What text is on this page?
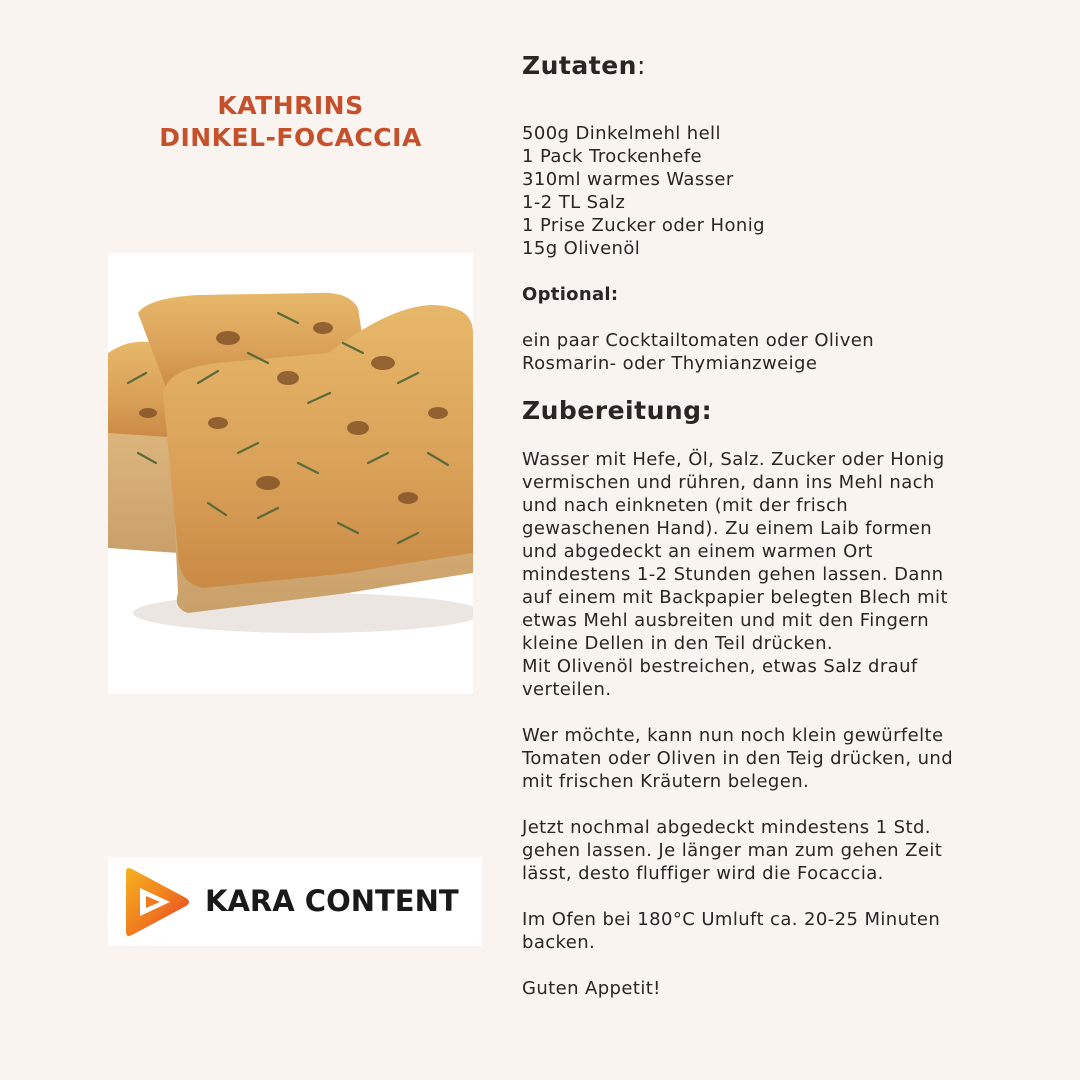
KATHRINS
DINKEL-FOCACCIA
KARA CONTENT
Zutaten:
500g Dinkelmehl hell
1 Pack Trockenhefe
310ml warmes Wasser
1-2 TL Salz
1 Prise Zucker oder Honig
15g Olivenöl
Optional:
ein paar Cocktailtomaten oder Oliven
Rosmarin- oder Thymianzweige
Zubereitung:

Wasser mit Hefe, Öl, Salz. Zucker oder Honig
vermischen und rühren, dann ins Mehl nach
und nach einkneten (mit der frisch
gewaschenen Hand). Zu einem Laib formen
und abgedeckt an einem warmen Ort
mindestens 1-2 Stunden gehen lassen. Dann
auf einem mit Backpapier belegten Blech mit
etwas Mehl ausbreiten und mit den Fingern
kleine Dellen in den Teil drücken.
Mit Olivenöl bestreichen, etwas Salz drauf
verteilen.

Wer möchte, kann nun noch klein gewürfelte
Tomaten oder Oliven in den Teig drücken, und
mit frischen Kräutern belegen.

Jetzt nochmal abgedeckt mindestens 1 Std.
gehen lassen. Je länger man zum gehen Zeit
lässt, desto fluffiger wird die Focaccia.

Im Ofen bei 180°C Umluft ca. 20-25 Minuten
backen.

Guten Appetit!
